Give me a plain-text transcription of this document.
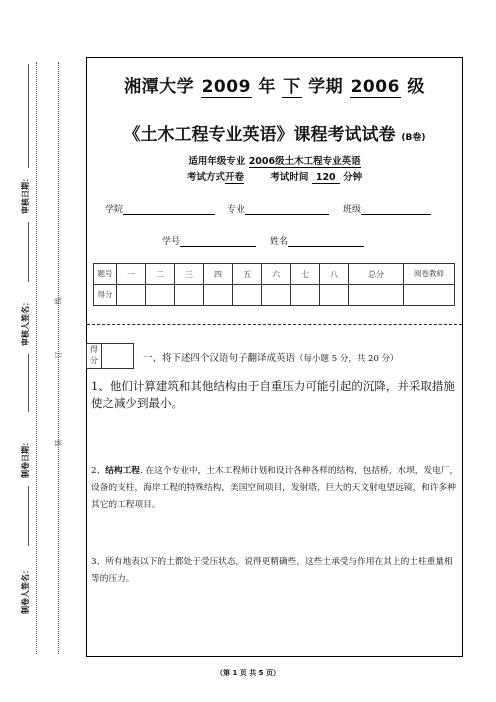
审核日期：
审核人签名：
制卷日期：
制卷人签名：
线
订
装
湘潭大学 2009 年 下 学期 2006 级
《土木工程专业英语》课程考试试卷 (B卷)
适用年级专业 2006级土木工程专业英语
考试方式开卷	考试时间 120 分钟
学院	专业	班级
学号	姓名
题号	一	二	三	四	五	六	七	八	总分	阅卷教师
得分										
得分	一、将下述四个汉语句子翻译成英语（每小题 5 分，共 20 分）
1、他们计算建筑和其他结构由于自重压力可能引起的沉降，并采取措施使之减少到最小。
2、结构工程. 在这个专业中，土木工程师计划和设计各种各样的结构，包括桥，水坝，发电厂，设备的支柱，海岸工程的特殊结构，美国空间项目，发射塔，巨大的天文射电望远镜，和许多种其它的工程项目。
3、所有地表以下的土都处于受压状态，说得更精确些，这些土承受与作用在其上的土柱重量相等的压力。
（第 1 页 共 5 页）
